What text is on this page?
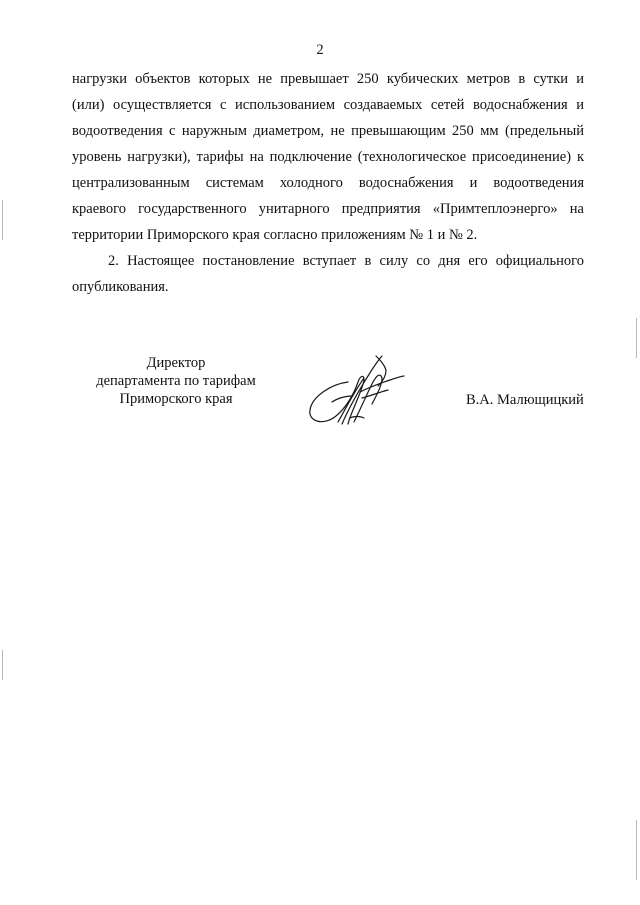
2
нагрузки объектов которых не превышает 250 кубических метров в сутки и
(или) осуществляется с использованием создаваемых сетей водоснабжения и
водоотведения с наружным диаметром, не превышающим 250 мм (предельный
уровень нагрузки), тарифы на подключение (технологическое присоединение) к
централизованным системам холодного водоснабжения и водоотведения
краевого государственного унитарного предприятия «Примтеплоэнерго» на
территории Приморского края согласно приложениям № 1 и № 2.
2. Настоящее постановление вступает в силу со дня его официального
опубликования.
Директор
департамента по тарифам
Приморского края	В.А. Малющицкий
